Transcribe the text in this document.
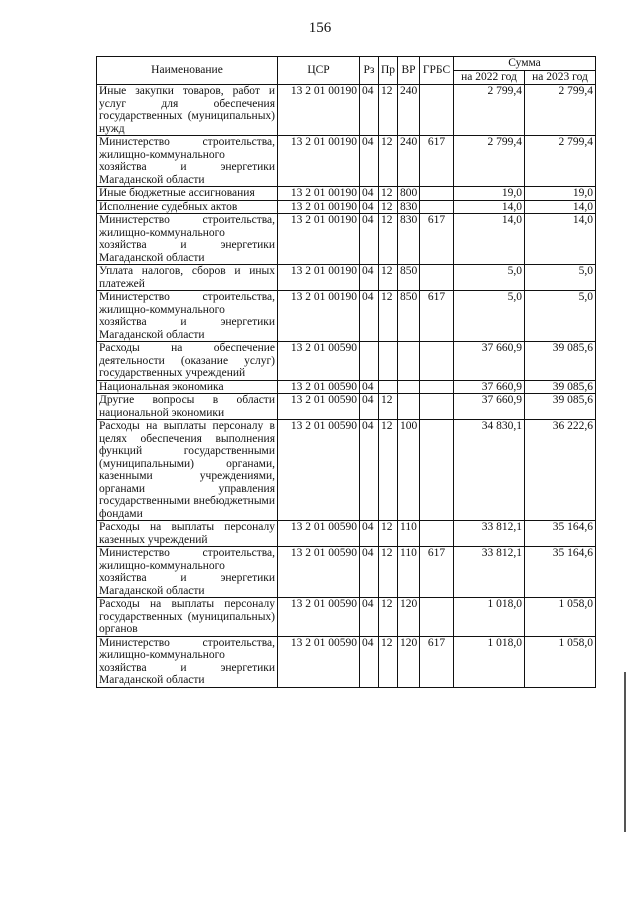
156
Наименование	ЦСР	Рз	Пр	ВР	ГРБС	Сумма	
						на 2022 год	на 2023 год
Иные закупки товаров, работ и услуг для обеспечения государственных (муниципальных) нужд	13 2 01 00190	04	12	240		2 799,4	2 799,4
Министерство строительства, жилищно-коммунального хозяйства и энергетики Магаданской области	13 2 01 00190	04	12	240	617	2 799,4	2 799,4
Иные бюджетные ассигнования	13 2 01 00190	04	12	800		19,0	19,0
Исполнение судебных актов	13 2 01 00190	04	12	830		14,0	14,0
Министерство строительства, жилищно-коммунального хозяйства и энергетики Магаданской области	13 2 01 00190	04	12	830	617	14,0	14,0
Уплата налогов, сборов и иных платежей	13 2 01 00190	04	12	850		5,0	5,0
Министерство строительства, жилищно-коммунального хозяйства и энергетики Магаданской области	13 2 01 00190	04	12	850	617	5,0	5,0
Расходы на обеспечение деятельности (оказание услуг) государственных учреждений	13 2 01 00590					37 660,9	39 085,6
Национальная экономика	13 2 01 00590	04				37 660,9	39 085,6
Другие вопросы в области национальной экономики	13 2 01 00590	04	12			37 660,9	39 085,6
Расходы на выплаты персоналу в целях обеспечения выполнения функций государственными (муниципальными) органами, казенными учреждениями, органами управления государственными внебюджетными фондами	13 2 01 00590	04	12	100		34 830,1	36 222,6
Расходы на выплаты персоналу казенных учреждений	13 2 01 00590	04	12	110		33 812,1	35 164,6
Министерство строительства, жилищно-коммунального хозяйства и энергетики Магаданской области	13 2 01 00590	04	12	110	617	33 812,1	35 164,6
Расходы на выплаты персоналу государственных (муниципальных) органов	13 2 01 00590	04	12	120		1 018,0	1 058,0
Министерство строительства, жилищно-коммунального хозяйства и энергетики Магаданской области	13 2 01 00590	04	12	120	617	1 018,0	1 058,0
